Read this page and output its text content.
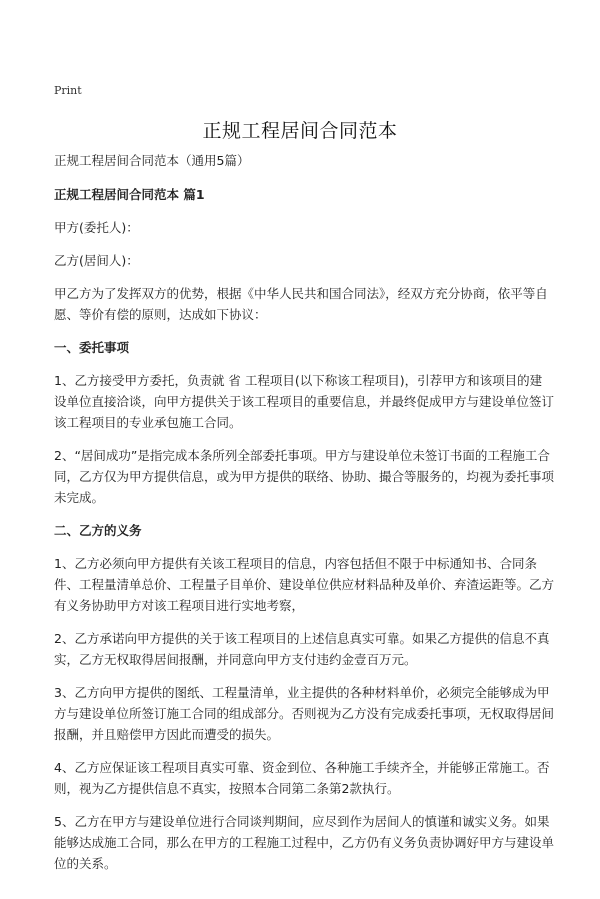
Print
正规工程居间合同范本

正规工程居间合同范本（通用5篇）

正规工程居间合同范本 篇1

甲方(委托人)：

乙方(居间人)：

甲乙方为了发挥双方的优势，根据《中华人民共和国合同法》，经双方充分协商，依平等自愿、等价有偿的原则，达成如下协议：

一、委托事项

1、乙方接受甲方委托，负责就 省 工程项目(以下称该工程项目)，引荐甲方和该项目的建设单位直接洽谈，向甲方提供关于该工程项目的重要信息，并最终促成甲方与建设单位签订该工程项目的专业承包施工合同。

2、“居间成功”是指完成本条所列全部委托事项。甲方与建设单位未签订书面的工程施工合同，乙方仅为甲方提供信息，或为甲方提供的联络、协助、撮合等服务的，均视为委托事项未完成。

二、乙方的义务

1、乙方必须向甲方提供有关该工程项目的信息，内容包括但不限于中标通知书、合同条件、工程量清单总价、工程量子目单价、建设单位供应材料品种及单价、弃渣运距等。乙方有义务协助甲方对该工程项目进行实地考察，

2、乙方承诺向甲方提供的关于该工程项目的上述信息真实可靠。如果乙方提供的信息不真实，乙方无权取得居间报酬，并同意向甲方支付违约金壹百万元。

3、乙方向甲方提供的图纸、工程量清单，业主提供的各种材料单价，必须完全能够成为甲方与建设单位所签订施工合同的组成部分。否则视为乙方没有完成委托事项，无权取得居间报酬，并且赔偿甲方因此而遭受的损失。

4、乙方应保证该工程项目真实可靠、资金到位、各种施工手续齐全，并能够正常施工。否则，视为乙方提供信息不真实，按照本合同第二条第2款执行。

5、乙方在甲方与建设单位进行合同谈判期间，应尽到作为居间人的慎谨和诚实义务。如果能够达成施工合同，那么在甲方的工程施工过程中，乙方仍有义务负责协调好甲方与建设单位的关系。
